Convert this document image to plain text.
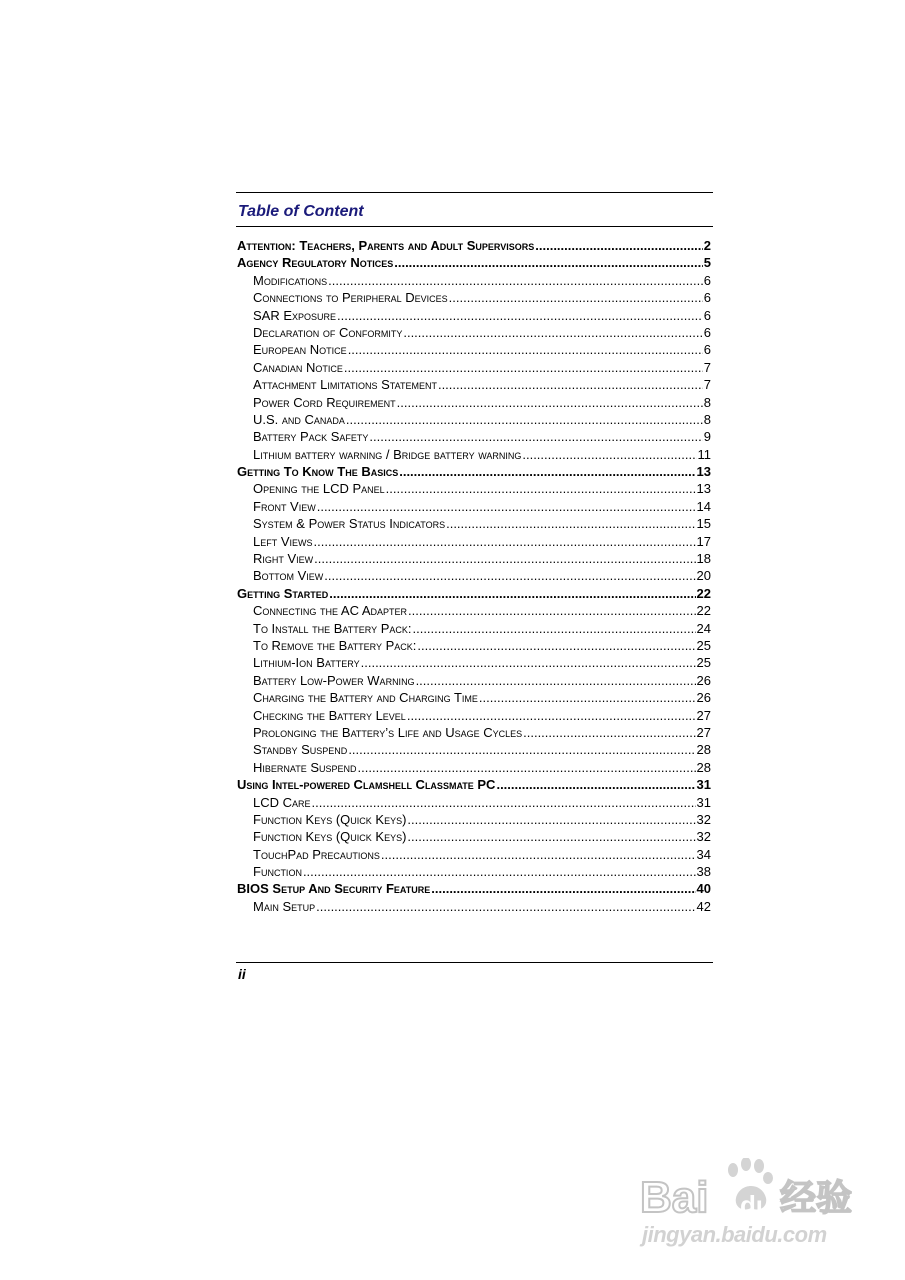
Table of Content
Attention: Teachers, Parents and Adult Supervisors .....	2
Agency Regulatory Notices .....	5
Modifications .....	6
Connections to Peripheral Devices .....	6
SAR Exposure .....	6
Declaration of Conformity .....	6
European Notice .....	6
Canadian Notice .....	7
Attachment Limitations Statement .....	7
Power Cord Requirement .....	8
U.S. and Canada .....	8
Battery Pack Safety .....	9
Lithium battery warning / Bridge battery warning .....	11
Getting To Know The Basics .....	13
Opening the LCD Panel .....	13
Front View .....	14
System & Power Status Indicators .....	15
Left Views .....	17
Right View .....	18
Bottom View .....	20
Getting Started .....	22
Connecting the AC Adapter .....	22
To Install the Battery Pack: .....	24
To Remove the Battery Pack: .....	25
Lithium-Ion Battery .....	25
Battery Low-Power Warning .....	26
Charging the Battery and Charging Time .....	26
Checking the Battery Level .....	27
Prolonging the Battery’s Life and Usage Cycles .....	27
Standby Suspend .....	28
Hibernate Suspend .....	28
Using Intel-powered Clamshell Classmate PC .....	31
LCD Care .....	31
Function Keys (Quick Keys) .....	32
Function Keys (Quick Keys) .....	32
TouchPad Precautions .....	34
Function .....	38
BIOS Setup And Security Feature .....	40
Main Setup .....	42
ii
Bai du 经验
jingyan.baidu.com
